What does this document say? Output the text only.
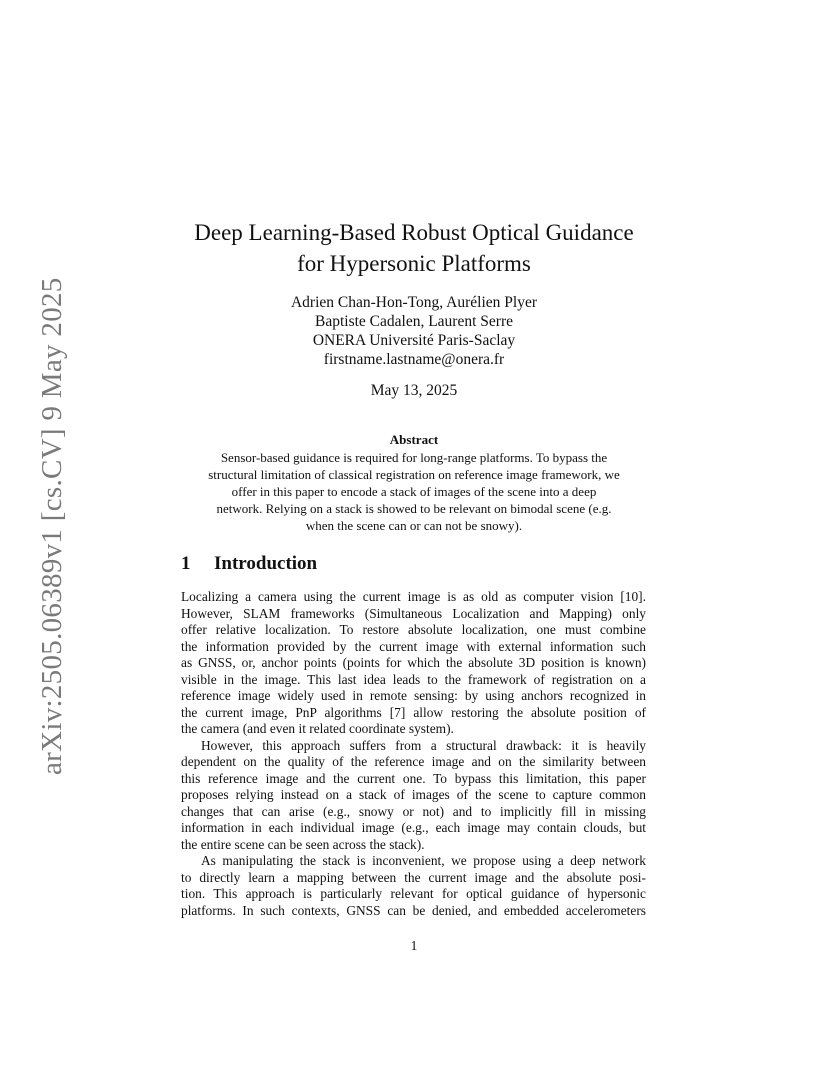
arXiv:2505.06389v1 [cs.CV] 9 May 2025
Deep Learning-Based Robust Optical Guidance
for Hypersonic Platforms
Adrien Chan-Hon-Tong, Aurélien Plyer
Baptiste Cadalen, Laurent Serre
ONERA Université Paris-Saclay
firstname.lastname@onera.fr
May 13, 2025
Abstract
Sensor-based guidance is required for long-range platforms. To bypass the
structural limitation of classical registration on reference image framework, we
offer in this paper to encode a stack of images of the scene into a deep
network. Relying on a stack is showed to be relevant on bimodal scene (e.g.
when the scene can or can not be snowy).
1 Introduction
Localizing a camera using the current image is as old as computer vision [10].
However, SLAM frameworks (Simultaneous Localization and Mapping) only
offer relative localization. To restore absolute localization, one must combine
the information provided by the current image with external information such
as GNSS, or, anchor points (points for which the absolute 3D position is known)
visible in the image. This last idea leads to the framework of registration on a
reference image widely used in remote sensing: by using anchors recognized in
the current image, PnP algorithms [7] allow restoring the absolute position of
the camera (and even it related coordinate system).
However, this approach suffers from a structural drawback: it is heavily
dependent on the quality of the reference image and on the similarity between
this reference image and the current one. To bypass this limitation, this paper
proposes relying instead on a stack of images of the scene to capture common
changes that can arise (e.g., snowy or not) and to implicitly fill in missing
information in each individual image (e.g., each image may contain clouds, but
the entire scene can be seen across the stack).
As manipulating the stack is inconvenient, we propose using a deep network
to directly learn a mapping between the current image and the absolute posi-
tion. This approach is particularly relevant for optical guidance of hypersonic
platforms. In such contexts, GNSS can be denied, and embedded accelerometers
1
